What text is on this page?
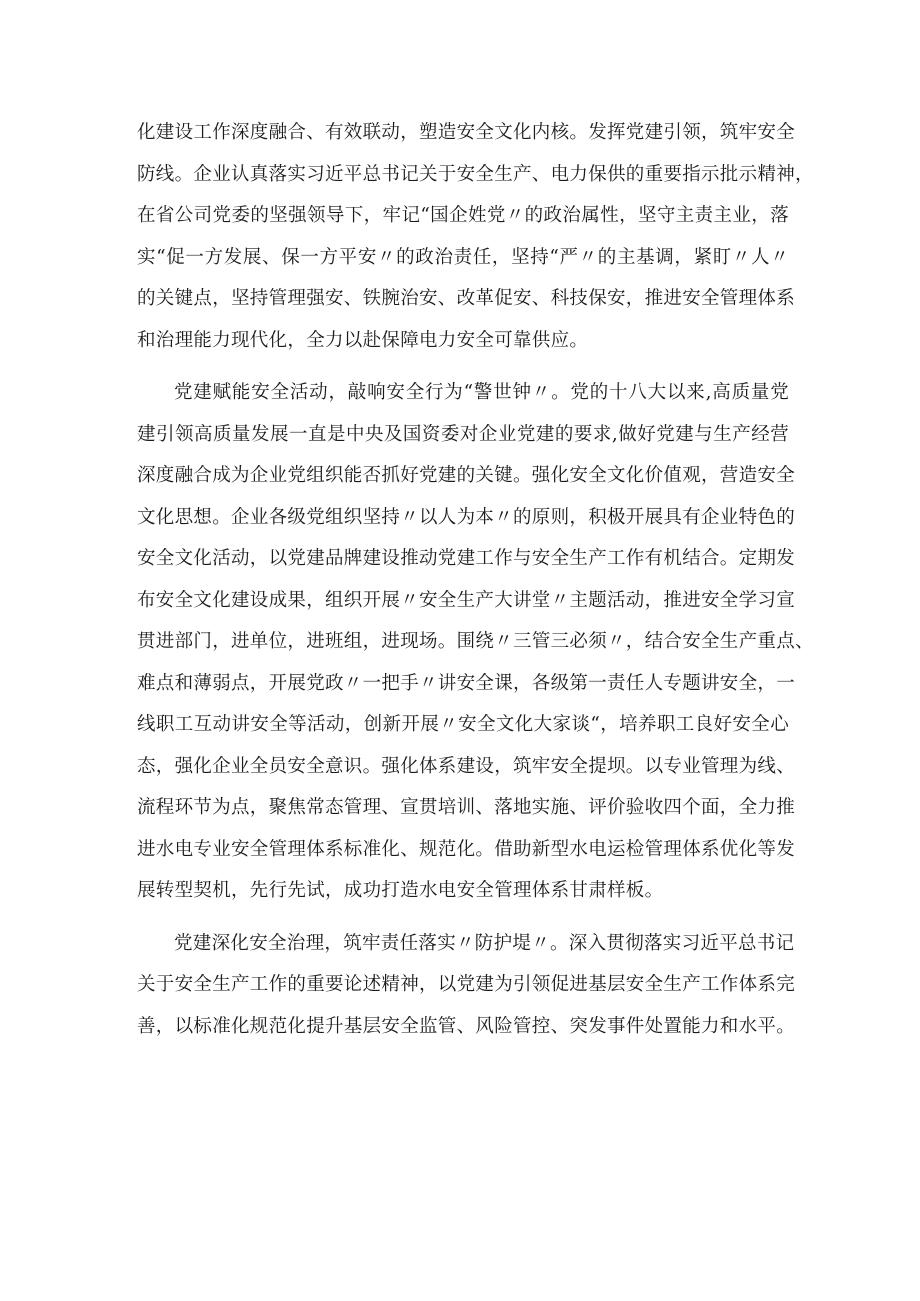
化建设工作深度融合、有效联动，塑造安全文化内核。发挥党建引领，筑牢安全
防线。企业认真落实习近平总书记关于安全生产、电力保供的重要指示批示精神，
在省公司党委的坚强领导下，牢记“国企姓党〃的政治属性，坚守主责主业，落
实“促一方发展、保一方平安〃的政治责任，坚持“严〃的主基调，紧盯〃人〃
的关键点，坚持管理强安、铁腕治安、改革促安、科技保安，推进安全管理体系
和治理能力现代化，全力以赴保障电力安全可靠供应。
党建赋能安全活动，敲响安全行为“警世钟〃。党的十八大以来,高质量党
建引领高质量发展一直是中央及国资委对企业党建的要求,做好党建与生产经营
深度融合成为企业党组织能否抓好党建的关键。强化安全文化价值观，营造安全
文化思想。企业各级党组织坚持〃以人为本〃的原则，积极开展具有企业特色的
安全文化活动，以党建品牌建设推动党建工作与安全生产工作有机结合。定期发
布安全文化建设成果，组织开展〃安全生产大讲堂〃主题活动，推进安全学习宣
贯进部门，进单位，进班组，进现场。围绕〃三管三必须〃，结合安全生产重点、
难点和薄弱点，开展党政〃一把手〃讲安全课，各级第一责任人专题讲安全，一
线职工互动讲安全等活动，创新开展〃安全文化大家谈“，培养职工良好安全心
态，强化企业全员安全意识。强化体系建设，筑牢安全提坝。以专业管理为线、
流程环节为点，聚焦常态管理、宣贯培训、落地实施、评价验收四个面，全力推
进水电专业安全管理体系标准化、规范化。借助新型水电运检管理体系优化等发
展转型契机，先行先试，成功打造水电安全管理体系甘肃样板。
党建深化安全治理，筑牢责任落实〃防护堤〃。深入贯彻落实习近平总书记
关于安全生产工作的重要论述精神，以党建为引领促进基层安全生产工作体系完
善，以标准化规范化提升基层安全监管、风险管控、突发事件处置能力和水平。
